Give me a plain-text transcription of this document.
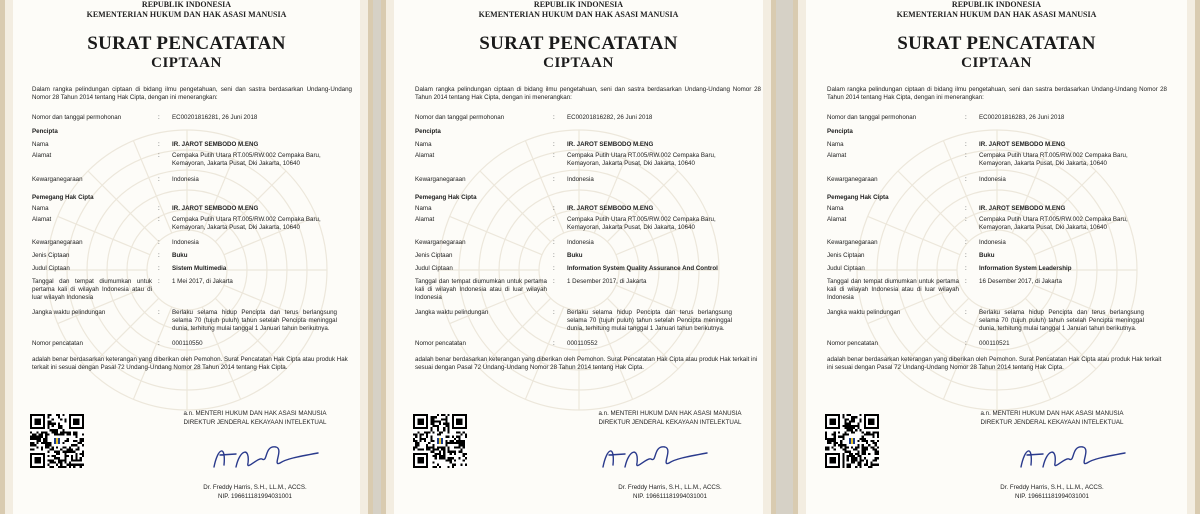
REPUBLIK INDONESIA
KEMENTERIAN HUKUM DAN HAK ASASI MANUSIA
SURAT PENCATATAN
CIPTAAN
Dalam rangka pelindungan ciptaan di bidang ilmu pengetahuan, seni dan sastra berdasarkan Undang-Undang Nomor 28 Tahun 2014 tentang Hak Cipta, dengan ini menerangkan:
Nomor dan tanggal permohonan	: EC00201816281, 26 Juni 2018
Pencipta
Nama	: IR. JAROT SEMBODO M.ENG
Alamat	: Cempaka Putih Utara RT.005/RW.002 Cempaka Baru, Kemayoran, Jakarta Pusat, Dki Jakarta, 10640
Kewarganegaraan	: Indonesia
Pemegang Hak Cipta
Nama	: IR. JAROT SEMBODO M.ENG
Alamat	: Cempaka Putih Utara RT.005/RW.002 Cempaka Baru, Kemayoran, Jakarta Pusat, Dki Jakarta, 10640
Kewarganegaraan	: Indonesia
Jenis Ciptaan	: Buku
Judul Ciptaan	: Sistem Multimedia
Tanggal dan tempat diumumkan untuk pertama kali di wilayah Indonesia atau di luar wilayah Indonesia
: 1 Mei 2017, di Jakarta
Jangka waktu pelindungan	: Berlaku selama hidup Pencipta dan terus berlangsung selama 70 (tujuh puluh) tahun setelah Pencipta meninggal dunia, terhitung mulai tanggal 1 Januari tahun berikutnya.
Nomor pencatatan	: 000110550
adalah benar berdasarkan keterangan yang diberikan oleh Pemohon. Surat Pencatatan Hak Cipta atau produk Hak terkait ini sesuai dengan Pasal 72 Undang-Undang Nomor 28 Tahun 2014 tentang Hak Cipta.
a.n. MENTERI HUKUM DAN HAK ASASI MANUSIA
DIREKTUR JENDERAL KEKAYAAN INTELEKTUAL
Dr. Freddy Harris, S.H., LL.M., ACCS.
NIP. 196611181994031001
REPUBLIK INDONESIA
KEMENTERIAN HUKUM DAN HAK ASASI MANUSIA
SURAT PENCATATAN
CIPTAAN
Dalam rangka pelindungan ciptaan di bidang ilmu pengetahuan, seni dan sastra berdasarkan Undang-Undang Nomor 28 Tahun 2014 tentang Hak Cipta, dengan ini menerangkan:
Nomor dan tanggal permohonan	: EC00201816282, 26 Juni 2018
Pencipta
Nama	: IR. JAROT SEMBODO M.ENG
Alamat	: Cempaka Putih Utara RT.005/RW.002 Cempaka Baru, Kemayoran, Jakarta Pusat, Dki Jakarta, 10640
Kewarganegaraan	: Indonesia
Pemegang Hak Cipta
Nama	: IR. JAROT SEMBODO M.ENG
Alamat	: Cempaka Putih Utara RT.005/RW.002 Cempaka Baru, Kemayoran, Jakarta Pusat, Dki Jakarta, 10640
Kewarganegaraan	: Indonesia
Jenis Ciptaan	: Buku
Judul Ciptaan	: Information System Quality Assurance And Control
Tanggal dan tempat diumumkan untuk pertama kali di wilayah Indonesia atau di luar wilayah Indonesia
: 1 Desember 2017, di Jakarta
Jangka waktu pelindungan	: Berlaku selama hidup Pencipta dan terus berlangsung selama 70 (tujuh puluh) tahun setelah Pencipta meninggal dunia, terhitung mulai tanggal 1 Januari tahun berikutnya.
Nomor pencatatan	: 000110552
adalah benar berdasarkan keterangan yang diberikan oleh Pemohon. Surat Pencatatan Hak Cipta atau produk Hak terkait ini sesuai dengan Pasal 72 Undang-Undang Nomor 28 Tahun 2014 tentang Hak Cipta.
a.n. MENTERI HUKUM DAN HAK ASASI MANUSIA
DIREKTUR JENDERAL KEKAYAAN INTELEKTUAL
Dr. Freddy Harris, S.H., LL.M., ACCS.
NIP. 196611181994031001
REPUBLIK INDONESIA
KEMENTERIAN HUKUM DAN HAK ASASI MANUSIA
SURAT PENCATATAN
CIPTAAN
Dalam rangka pelindungan ciptaan di bidang ilmu pengetahuan, seni dan sastra berdasarkan Undang-Undang Nomor 28 Tahun 2014 tentang Hak Cipta, dengan ini menerangkan:
Nomor dan tanggal permohonan	: EC00201816283, 26 Juni 2018
Pencipta
Nama	: IR. JAROT SEMBODO M.ENG
Alamat	: Cempaka Putih Utara RT.005/RW.002 Cempaka Baru, Kemayoran, Jakarta Pusat, Dki Jakarta, 10640
Kewarganegaraan	: Indonesia
Pemegang Hak Cipta
Nama	: IR. JAROT SEMBODO M.ENG
Alamat	: Cempaka Putih Utara RT.005/RW.002 Cempaka Baru, Kemayoran, Jakarta Pusat, Dki Jakarta, 10640
Kewarganegaraan	: Indonesia
Jenis Ciptaan	: Buku
Judul Ciptaan	: Information System Leadership
Tanggal dan tempat diumumkan untuk pertama kali di wilayah Indonesia atau di luar wilayah Indonesia
: 16 Desember 2017, di Jakarta
Jangka waktu pelindungan	: Berlaku selama hidup Pencipta dan terus berlangsung selama 70 (tujuh puluh) tahun setelah Pencipta meninggal dunia, terhitung mulai tanggal 1 Januari tahun berikutnya.
Nomor pencatatan	: 000110521
adalah benar berdasarkan keterangan yang diberikan oleh Pemohon. Surat Pencatatan Hak Cipta atau produk Hak terkait ini sesuai dengan Pasal 72 Undang-Undang Nomor 28 Tahun 2014 tentang Hak Cipta.
a.n. MENTERI HUKUM DAN HAK ASASI MANUSIA
DIREKTUR JENDERAL KEKAYAAN INTELEKTUAL
Dr. Freddy Harris, S.H., LL.M., ACCS.
NIP. 196611181994031001
